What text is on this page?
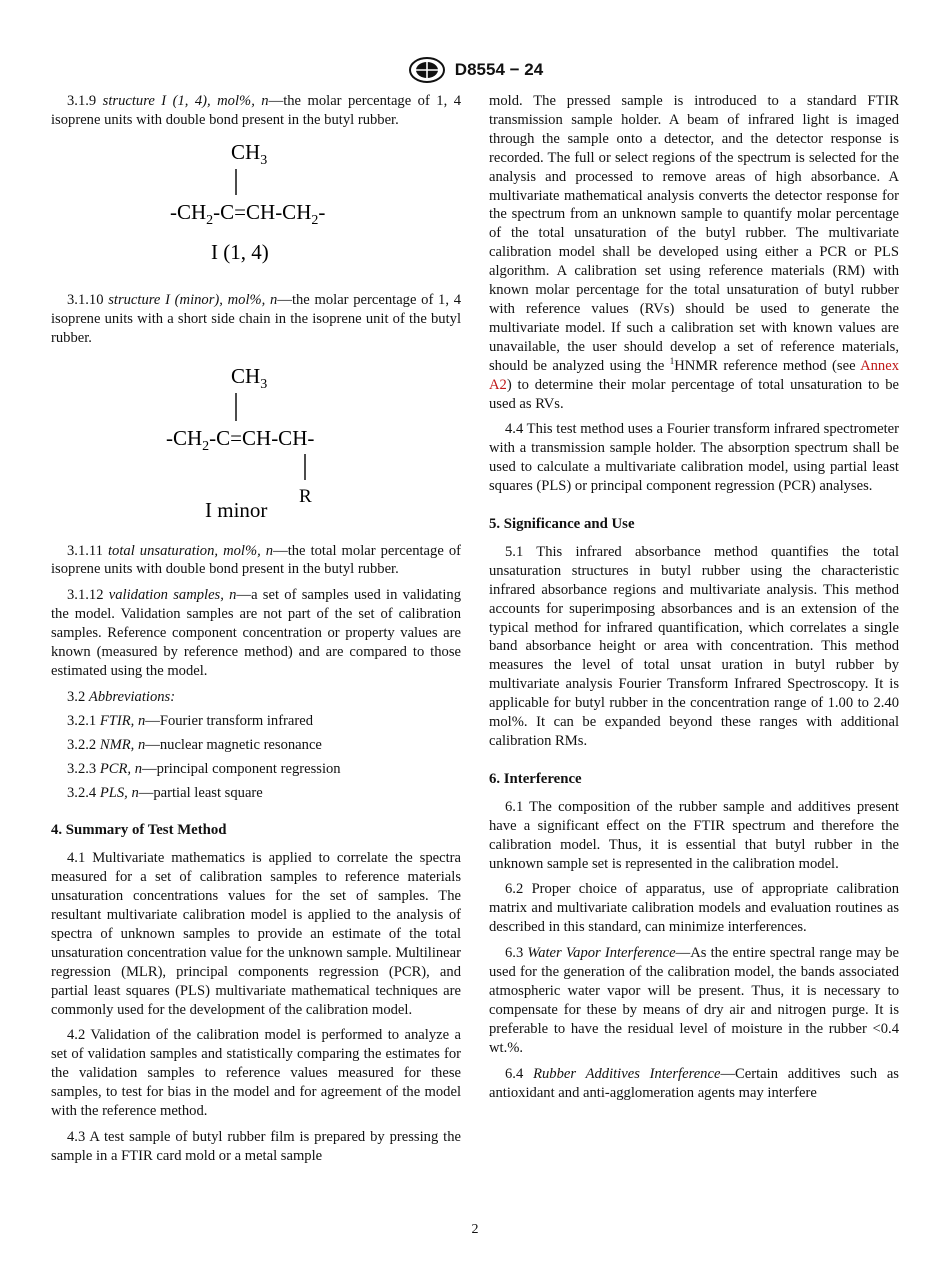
D8554 − 24

3.1.9 structure I (1, 4), mol%, n—the molar percentage of 1, 4 isoprene units with double bond present in the butyl rubber.

$CH_3$
$-CH_2-C=CH-CH_2-$
I (1, 4)

3.1.10 structure I (minor), mol%, n—the molar percentage of 1, 4 isoprene units with a short side chain in the isoprene unit of the butyl rubber.

$CH_3$
$-CH_2-C=CH-CH-$
R
I minor

3.1.11 total unsaturation, mol%, n—the total molar percentage of isoprene units with double bond present in the butyl rubber.

3.1.12 validation samples, n—a set of samples used in validating the model. Validation samples are not part of the set of calibration samples. Reference component concentration or property values are known (measured by reference method) and are compared to those estimated using the model.

3.2 Abbreviations:

3.2.1 FTIR, n—Fourier transform infrared

3.2.2 NMR, n—nuclear magnetic resonance

3.2.3 PCR, n—principal component regression

3.2.4 PLS, n—partial least square

4. Summary of Test Method

4.1 Multivariate mathematics is applied to correlate the spectra measured for a set of calibration samples to reference materials unsaturation concentrations values for the set of samples. The resultant multivariate calibration model is applied to the analysis of spectra of unknown samples to provide an estimate of the total unsaturation concentration value for the unknown sample. Multilinear regression (MLR), principal components regression (PCR), and partial least squares (PLS) multivariate mathematical techniques are commonly used for the development of the calibration model.

4.2 Validation of the calibration model is performed to analyze a set of validation samples and statistically comparing the estimates for the validation samples to reference values measured for these samples, to test for bias in the model and for agreement of the model with the reference method.

4.3 A test sample of butyl rubber film is prepared by pressing the sample in a FTIR card mold or a metal sample

mold. The pressed sample is introduced to a standard FTIR transmission sample holder. A beam of infrared light is imaged through the sample onto a detector, and the detector response is recorded. The full or select regions of the spectrum is selected for the analysis and processed to remove areas of high absorbance. A multivariate mathematical analysis converts the detector response for the spectrum from an unknown sample to quantify molar percentage of the total unsaturation of the butyl rubber. The multivariate calibration model shall be developed using either a PCR or PLS algorithm. A calibration set using reference materials (RM) with known molar percentage for the total unsaturation of butyl rubber with reference values (RVs) should be used to generate the multivariate model. If such a calibration set with known values are unavailable, the user should develop a set of reference materials, should be analyzed using the $^1$HNMR reference method (see Annex A2) to determine their molar percentage of total unsaturation to be used as RVs.

4.4 This test method uses a Fourier transform infrared spectrometer with a transmission sample holder. The absorption spectrum shall be used to calculate a multivariate calibration model, using partial least squares (PLS) or principal component regression (PCR) analyses.

5. Significance and Use

5.1 This infrared absorbance method quantifies the total unsaturation structures in butyl rubber using the characteristic infrared absorbance regions and multivariate analysis. This method accounts for superimposing absorbances and is an extension of the typical method for infrared quantification, which correlates a single band absorbance height or area with concentration. This method measures the level of total unsat uration in butyl rubber by multivariate analysis Fourier Transform Infrared Spectroscopy. It is applicable for butyl rubber in the concentration range of 1.00 to 2.40 mol%. It can be expanded beyond these ranges with additional calibration RMs.

6. Interference

6.1 The composition of the rubber sample and additives present have a significant effect on the FTIR spectrum and therefore the calibration model. Thus, it is essential that butyl rubber in the unknown sample set is represented in the calibration model.

6.2 Proper choice of apparatus, use of appropriate calibration matrix and multivariate calibration models and evaluation routines as described in this standard, can minimize interferences.

6.3 Water Vapor Interference—As the entire spectral range may be used for the generation of the calibration model, the bands associated atmospheric water vapor will be present. Thus, it is necessary to compensate for these by means of dry air and nitrogen purge. It is preferable to have the residual level of moisture in the rubber <0.4 wt.%.

6.4 Rubber Additives Interference—Certain additives such as antioxidant and anti-agglomeration agents may interfere

2
